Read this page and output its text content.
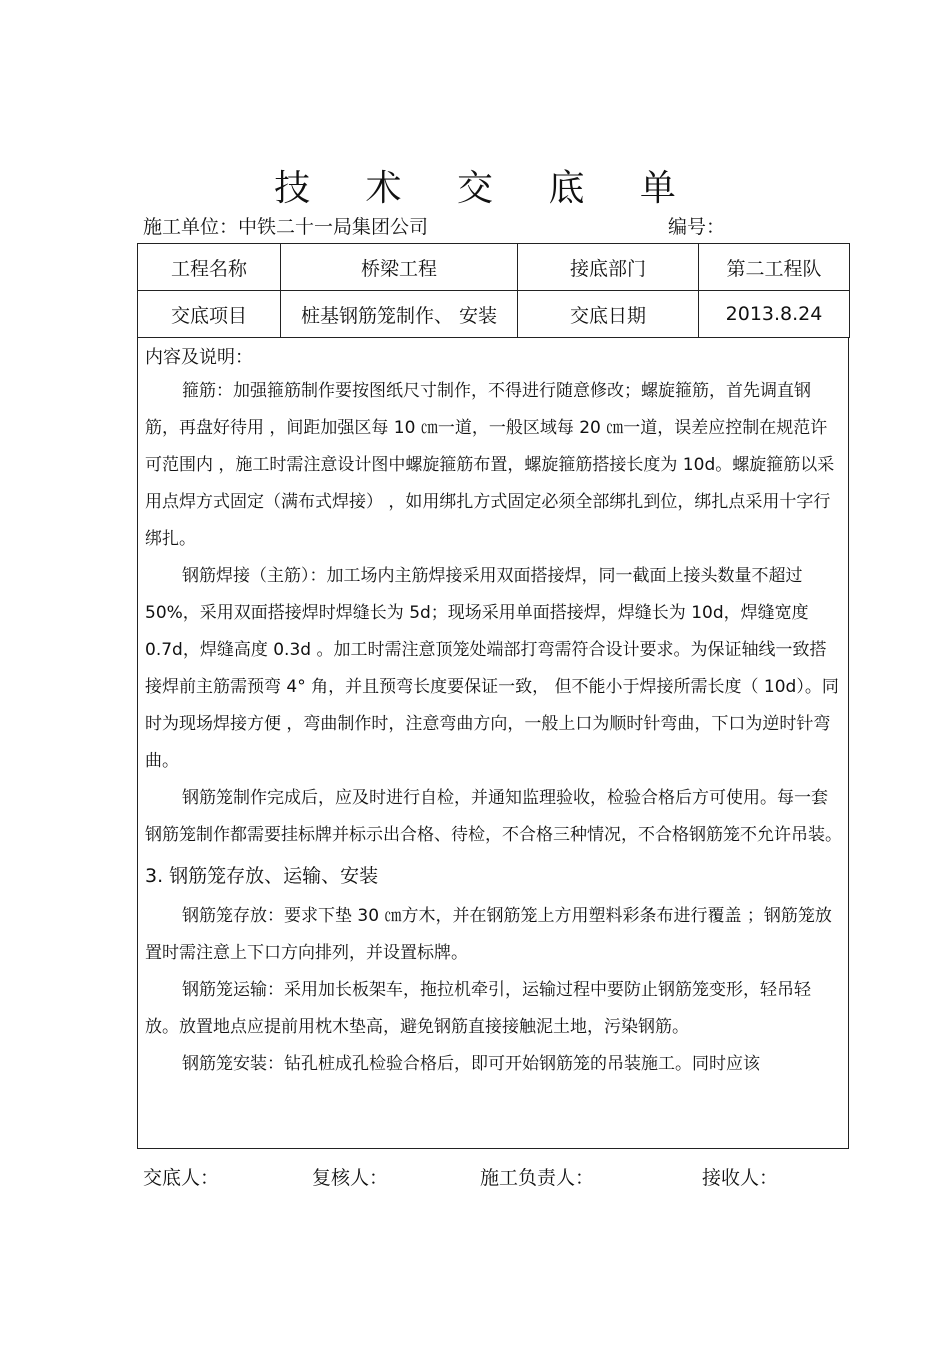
技 术 交 底 单
施工单位：中铁二十一局集团公司	编号：
工程名称	桥梁工程	接底部门	第二工程队
交底项目	桩基钢筋笼制作、 安装	交底日期	2013.8.24

内容及说明：

箍筋：加强箍筋制作要按图纸尺寸制作，不得进行随意修改；螺旋箍筋，首先调直钢筋，再盘好待用 ，间距加强区每 10 ㎝一道，一般区域每 20 ㎝一道，误差应控制在规范许可范围内 ，施工时需注意设计图中螺旋箍筋布置，螺旋箍筋搭接长度为 10d。螺旋箍筋以采用点焊方式固定（满布式焊接） ，如用绑扎方式固定必须全部绑扎到位，绑扎点采用十字行绑扎。

钢筋焊接（主筋）：加工场内主筋焊接采用双面搭接焊，同一截面上接头数量不超过 50%，采用双面搭接焊时焊缝长为 5d；现场采用单面搭接焊，焊缝长为 10d，焊缝宽度 0.7d，焊缝高度 0.3d 。加工时需注意顶笼处端部打弯需符合设计要求。为保证轴线一致搭接焊前主筋需预弯 4° 角，并且预弯长度要保证一致， 但不能小于焊接所需长度（ 10d）。同时为现场焊接方便 ，弯曲制作时，注意弯曲方向，一般上口为顺时针弯曲，下口为逆时针弯曲。

钢筋笼制作完成后，应及时进行自检，并通知监理验收，检验合格后方可使用。每一套钢筋笼制作都需要挂标牌并标示出合格、待检，不合格三种情况，不合格钢筋笼不允许吊装。

3. 钢筋笼存放、运输、安装

钢筋笼存放：要求下垫 30 ㎝方木，并在钢筋笼上方用塑料彩条布进行覆盖 ；钢筋笼放置时需注意上下口方向排列，并设置标牌。

钢筋笼运输：采用加长板架车，拖拉机牵引，运输过程中要防止钢筋笼变形，轻吊轻放。放置地点应提前用枕木垫高，避免钢筋直接接触泥土地，污染钢筋。

钢筋笼安装：钻孔桩成孔检验合格后，即可开始钢筋笼的吊装施工。同时应该

交底人：	复核人：	施工负责人：	接收人：
